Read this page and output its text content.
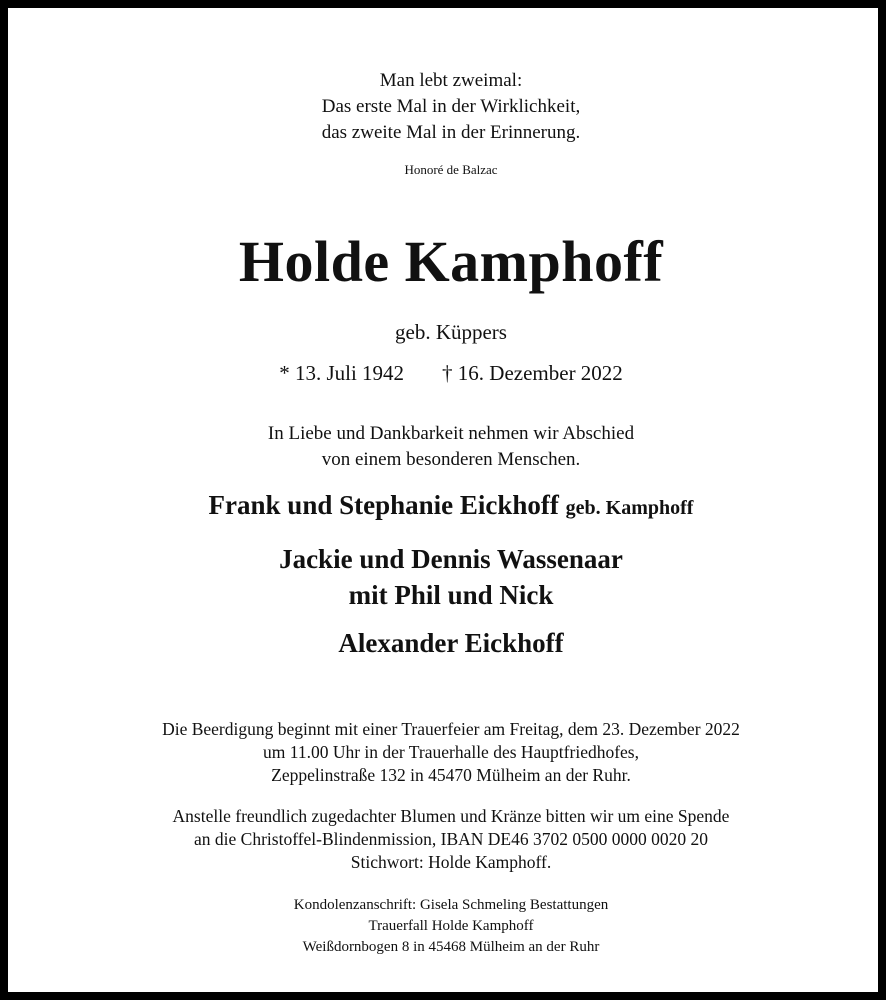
Man lebt zweimal:
Das erste Mal in der Wirklichkeit,
das zweite Mal in der Erinnerung.
Honoré de Balzac
Holde Kamphoff
geb. Küppers
* 13. Juli 1942 † 16. Dezember 2022
In Liebe und Dankbarkeit nehmen wir Abschied
von einem besonderen Menschen.
Frank und Stephanie Eickhoff geb. Kamphoff
Jackie und Dennis Wassenaar
mit Phil und Nick
Alexander Eickhoff
Die Beerdigung beginnt mit einer Trauerfeier am Freitag, dem 23. Dezember 2022
um 11.00 Uhr in der Trauerhalle des Hauptfriedhofes,
Zeppelinstraße 132 in 45470 Mülheim an der Ruhr.
Anstelle freundlich zugedachter Blumen und Kränze bitten wir um eine Spende
an die Christoffel-Blindenmission, IBAN DE46 3702 0500 0000 0020 20
Stichwort: Holde Kamphoff.
Kondolenzanschrift: Gisela Schmeling Bestattungen
Trauerfall Holde Kamphoff
Weißdornbogen 8 in 45468 Mülheim an der Ruhr
